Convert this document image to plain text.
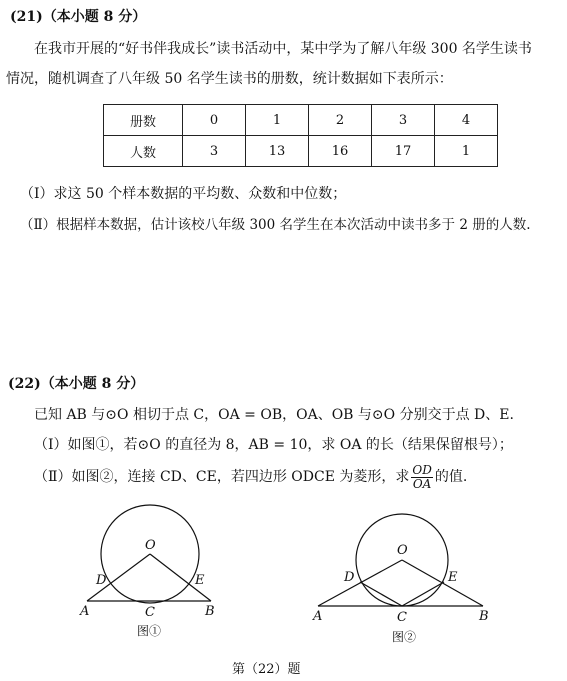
(21)（本小题 8 分）
在我市开展的“好书伴我成长”读书活动中，某中学为了解八年级 300 名学生读书
情况，随机调查了八年级 50 名学生读书的册数，统计数据如下表所示：
册数	0	1	2	3	4
人数	3	13	16	17	1
（Ⅰ）求这 50 个样本数据的平均数、众数和中位数；
（Ⅱ）根据样本数据，估计该校八年级 300 名学生在本次活动中读书多于 2 册的人数.
(22)（本小题 8 分）
已知 AB 与⊙O 相切于点 C，OA = OB，OA、OB 与⊙O 分别交于点 D、E.
（Ⅰ）如图①，若⊙O 的直径为 8，AB = 10，求 OA 的长（结果保留根号）；
（Ⅱ）如图②，连接 CD、CE，若四边形 ODCE 为菱形，求 $\frac{OD}{OA}$ 的值.
O
D	E
A	C	B
图①
O
D	E
A	C	B
图②
第（22）题
